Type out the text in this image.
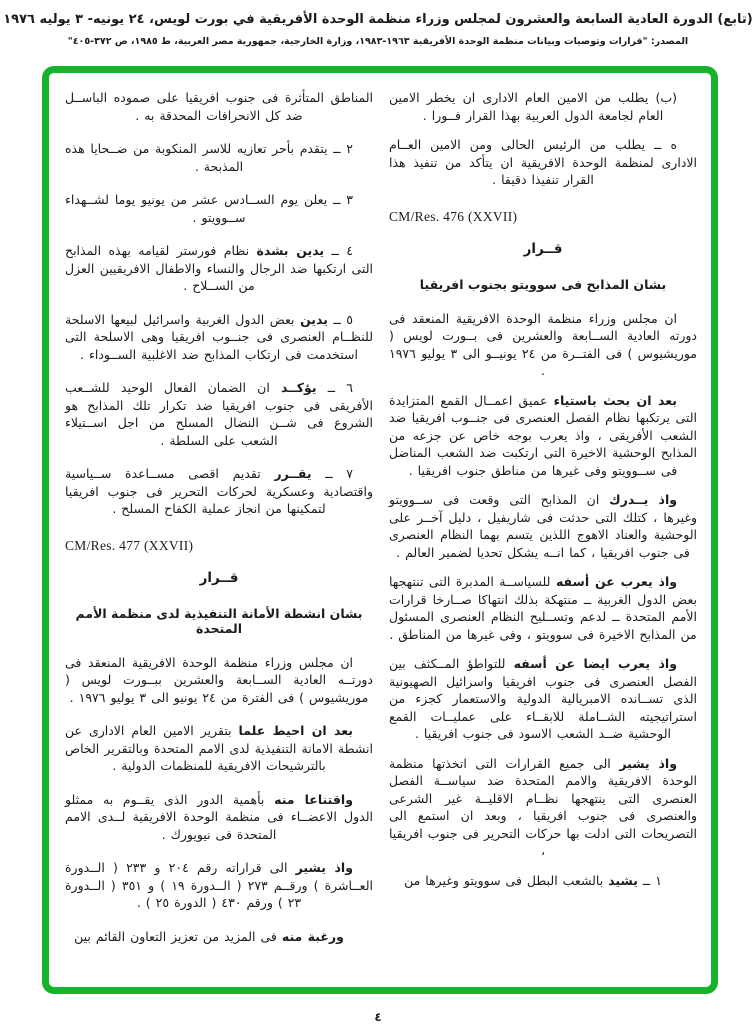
(تابع) الدورة العادية السابعة والعشرون لمجلس وزراء منظمة الوحدة الأفريقية في بورت لويس، ٢٤ يونيه- ٣ يوليه ١٩٧٦
المصدر: "قرارات وتوصيات وبيانات منظمة الوحدة الأفريقية ١٩٦٣-١٩٨٣، وزارة الخارجية، جمهورية مصر العربية، ط ١٩٨٥، ص ٣٧٢-٤٠٥"
(ب) يطلب من الامين العام الادارى ان يخطر الامين العام لجامعة الدول العربية بهذا القرار فــورا .
ه ــ يطلب من الرئيس الحالى ومن الامين العــام الادارى لمنظمة الوحدة الافريقية ان يتأكد من تنفيذ هذا القرار تنفيذا دقيقا .
CM/Res. 476 (XXVII)
قــرار
بشان المذابح فى سوويتو بجنوب افريقيا
ان مجلس وزراء منظمة الوحدة الافريقية المنعقد فى دورته العادية الســابعة والعشرين فى بــورت لويس ( موريشيوس ) فى الفتــرة من ٢٤ يونيــو الى ٣ يوليو ١٩٧٦ .
بعد ان بحث باستياء عميق اعمــال القمع المتزايدة التى يرتكبها نظام الفصل العنصرى فى جنــوب افريقيا ضد الشعب الأفريقى ، واذ يعرب بوجه خاص عن جزعه من المذابح الوحشية الاخيرة التى ارتكبت ضد الشعب المناضل فى ســوويتو وفى غيرها من مناطق جنوب افريقيا .
واذ يــدرك ان المذابح التى وقعت فى ســوويتو وغيرها ، كتلك التى حدثت فى شاريفيل ، دليل آخــر على الوحشية والعناد الاهوج اللذين يتسم بهما النظام العنصرى فى جنوب افريقيا ، كما انــه يشكل تحديا لضمير العالم .
واذ يعرب عن أسفه للسياســة المدبرة التى تنتهجها بعض الدول الغربية ــ منتهكة بذلك انتهاكا صــارخا قرارات الأمم المتحدة ــ لدعم وتســليح النظام العنصرى المسئول من المذابح الاخيرة فى سوويتو ، وفى غيرها من المناطق .
واذ يعرب ايضا عن أسفه للتواطؤ المــكثف بين الفصل العنصرى فى جنوب افريقيا واسرائيل الصهيونية الذى تســانده الامبريالية الدولية والاستعمار كجزء من استراتيجيته الشــاملة للابقــاء على عمليــات القمع الوحشية ضــد الشعب الاسود فى جنوب افريقيا .
واذ يشير الى جميع القرارات التى اتخذتها منظمة الوحدة الافريقية والامم المتحدة ضد سياســة الفصل العنصرى التى ينتهجها نظــام الاقليــة غير الشرعى والعنصرى فى جنوب افريقيا ، وبعد ان استمع الى التصريحات التى ادلت بها حركات التحرير فى جنوب افريقيا ،
١ ــ يشيد بالشعب البطل فى سوويتو وغيرها من
المناطق المتأثرة فى جنوب افريقيا على صموده الباســل ضد كل الانحرافات المحدقة به .
٢ ــ يتقدم بأحر تعازيه للاسر المنكوبة من ضــحايا هذه المذبحة .
٣ ــ يعلن يوم الســادس عشر من يونيو يوما لشــهداء ســوويتو .
٤ ــ يدين بشدة نظام فورستر لقيامه بهذه المذابح التى ارتكبها ضد الرجال والنساء والاطفال الافريقيين العزل من الســلاح .
٥ ــ يدين بعض الدول الغربية واسرائيل لبيعها الاسلحة للنظــام العنصرى فى جنــوب افريقيا وهى الاسلحة التى استخدمت فى ارتكاب المذابح ضد الاغلبية الســوداء .
٦ ــ يؤكــد ان الضمان الفعال الوحيد للشــعب الأفريقى فى جنوب افريقيا ضد تكرار تلك المذابح هو الشروع فى شــن النضال المسلح من اجل اســتيلاء الشعب على السلطة .
٧ ــ يقــرر تقديم اقصى مســاعدة ســياسية واقتصادية وعسكرية لحركات التحرير فى جنوب افريقيا لتمكينها من انجاز عملية الكفاح المسلح .
CM/Res. 477 (XXVII)
قــرار
بشان انشطة الأمانة التنفيذية لدى منظمة الأمم المتحدة
ان مجلس وزراء منظمة الوحدة الافريقية المنعقد فى دورتــه العادية الســابعة والعشرين ببــورت لويس ( موريشيوس ) فى الفترة من ٢٤ يونيو الى ٣ يوليو ١٩٧٦ .
بعد ان احيط علما بتقرير الامين العام الادارى عن انشطة الامانة التنفيذية لدى الامم المتحدة وبالتقرير الخاص بالترشيحات الافريقية للمنظمات الدولية .
واقتناعا منه بأهمية الدور الذى يقــوم به ممثلو الدول الاعضــاء فى منظمة الوحدة الافريقية لــدى الامم المتحدة فى نيويورك .
واذ يشير الى قراراته رقم ٢٠٤ و ٢٣٣ ( الــدورة العــاشرة ) ورقــم ٢٧٣ ( الــدورة ١٩ ) و ٣٥١ ( الــدورة ٢٣ ) ورقم ٤٣٠ ( الدورة ٢٥ ) .
ورغبة منه فى المزيد من تعزيز التعاون القائم بين
٤
